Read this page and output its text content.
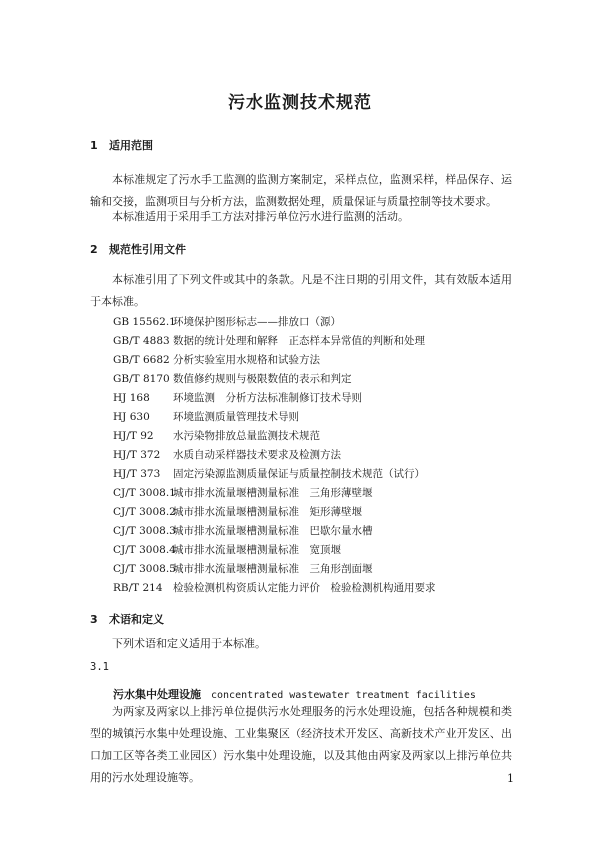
污水监测技术规范
1 适用范围
本标准规定了污水手工监测的监测方案制定，采样点位，监测采样，样品保存、运输和交接，监测项目与分析方法，监测数据处理，质量保证与质量控制等技术要求。
本标准适用于采用手工方法对排污单位污水进行监测的活动。
2 规范性引用文件
本标准引用了下列文件或其中的条款。凡是不注日期的引用文件，其有效版本适用于本标准。
GB 15562.1环境保护图形标志——排放口（源）
GB/T 4883 数据的统计处理和解释　正态样本异常值的判断和处理
GB/T 6682 分析实验室用水规格和试验方法
GB/T 8170 数值修约规则与极限数值的表示和判定
HJ 168 环境监测　分析方法标准制修订技术导则
HJ 630 环境监测质量管理技术导则
HJ/T 92 水污染物排放总量监测技术规范
HJ/T 372 水质自动采样器技术要求及检测方法
HJ/T 373 固定污染源监测质量保证与质量控制技术规范（试行）
CJ/T 3008.1城市排水流量堰槽测量标准　三角形薄壁堰
CJ/T 3008.2城市排水流量堰槽测量标准　矩形薄壁堰
CJ/T 3008.3城市排水流量堰槽测量标准　巴歇尔量水槽
CJ/T 3008.4城市排水流量堰槽测量标准　宽顶堰
CJ/T 3008.5城市排水流量堰槽测量标准　三角形剖面堰
RB/T 214 检验检测机构资质认定能力评价　检验检测机构通用要求
3 术语和定义
下列术语和定义适用于本标准。
3.1
污水集中处理设施 concentrated wastewater treatment facilities
为两家及两家以上排污单位提供污水处理服务的污水处理设施，包括各种规模和类型的城镇污水集中处理设施、工业集聚区（经济技术开发区、高新技术产业开发区、出口加工区等各类工业园区）污水集中处理设施，以及其他由两家及两家以上排污单位共用的污水处理设施等。	1
